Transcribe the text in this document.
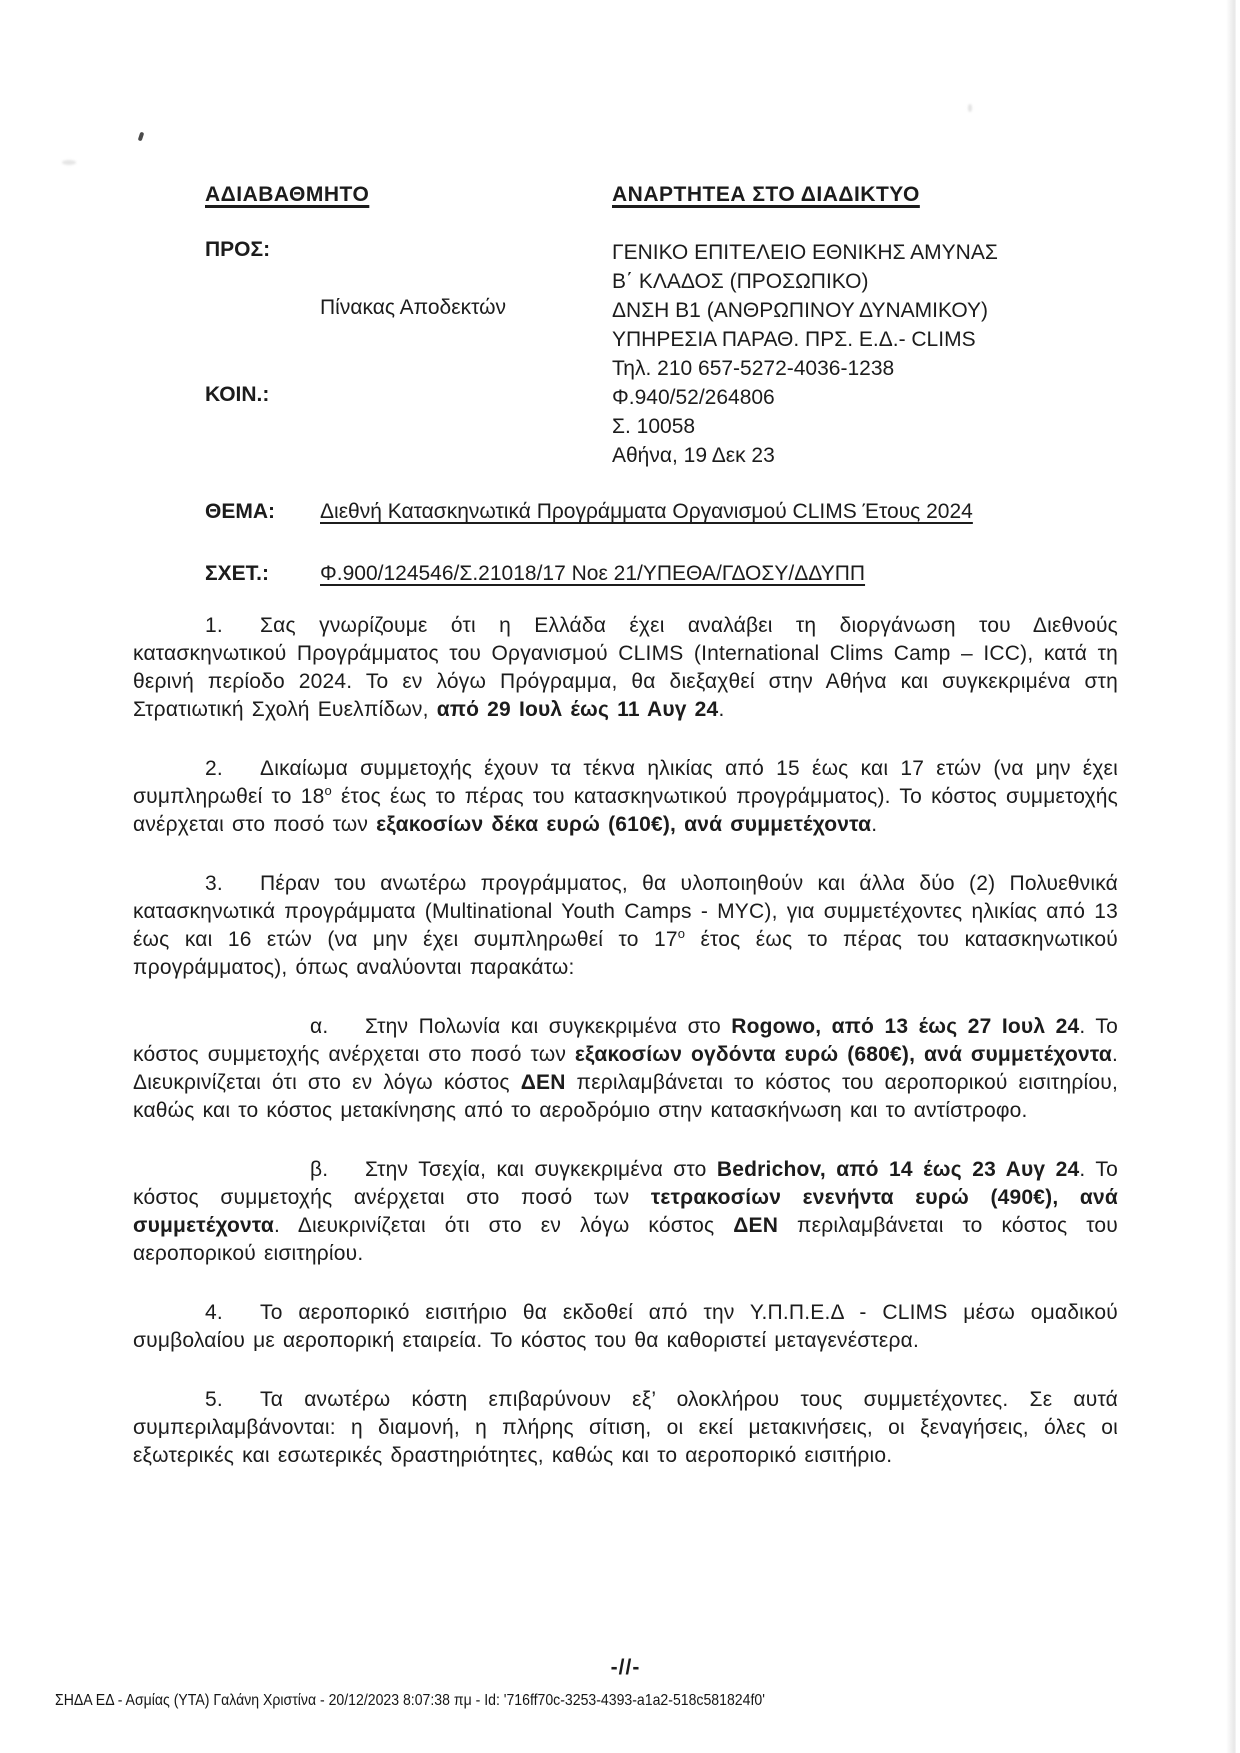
ΑΔΙΑΒΑΘΜΗΤΟ	ΑΝΑΡΤΗΤΕΑ ΣΤΟ ΔΙΑΔΙΚΤΥΟ
ΠΡΟΣ:
Πίνακας Αποδεκτών
ΚΟΙΝ.:
ΓΕΝΙΚΟ ΕΠΙΤΕΛΕΙΟ ΕΘΝΙΚΗΣ ΑΜΥΝΑΣ
Β΄ ΚΛΑΔΟΣ (ΠΡΟΣΩΠΙΚΟ)
ΔΝΣΗ Β1 (ΑΝΘΡΩΠΙΝΟΥ ΔΥΝΑΜΙΚΟΥ)
ΥΠΗΡΕΣΙΑ ΠΑΡΑΘ. ΠΡΣ. Ε.Δ.- CLIMS
Τηλ. 210 657-5272-4036-1238
Φ.940/52/264806
Σ. 10058
Αθήνα, 19 Δεκ 23
ΘΕΜΑ: Διεθνή Κατασκηνωτικά Προγράμματα Οργανισμού CLIMS Έτους 2024
ΣΧΕΤ.: Φ.900/124546/Σ.21018/17 Νοε 21/ΥΠΕΘΑ/ΓΔΟΣΥ/ΔΔΥΠΠ

1. Σας γνωρίζουμε ότι η Ελλάδα έχει αναλάβει τη διοργάνωση του Διεθνούς κατασκηνωτικού Προγράμματος του Οργανισμού CLIMS (International Clims Camp – ICC), κατά τη θερινή περίοδο 2024. Το εν λόγω Πρόγραμμα, θα διεξαχθεί στην Αθήνα και συγκεκριμένα στη Στρατιωτική Σχολή Ευελπίδων, από 29 Ιουλ έως 11 Αυγ 24.

2. Δικαίωμα συμμετοχής έχουν τα τέκνα ηλικίας από 15 έως και 17 ετών (να μην έχει συμπληρωθεί το $18^o$ έτος έως το πέρας του κατασκηνωτικού προγράμματος). Το κόστος συμμετοχής ανέρχεται στο ποσό των εξακοσίων δέκα ευρώ (610€), ανά συμμετέχοντα.

3. Πέραν του ανωτέρω προγράμματος, θα υλοποιηθούν και άλλα δύο (2) Πολυεθνικά κατασκηνωτικά προγράμματα (Multinational Youth Camps - MYC), για συμμετέχοντες ηλικίας από 13 έως και 16 ετών (να μην έχει συμπληρωθεί το $17^o$ έτος έως το πέρας του κατασκηνωτικού προγράμματος), όπως αναλύονται παρακάτω:

α. Στην Πολωνία και συγκεκριμένα στο Rogowo, από 13 έως 27 Ιουλ 24. Το κόστος συμμετοχής ανέρχεται στο ποσό των εξακοσίων ογδόντα ευρώ (680€), ανά συμμετέχοντα. Διευκρινίζεται ότι στο εν λόγω κόστος ΔΕΝ περιλαμβάνεται το κόστος του αεροπορικού εισιτηρίου, καθώς και το κόστος μετακίνησης από το αεροδρόμιο στην κατασκήνωση και το αντίστροφο.

β. Στην Τσεχία, και συγκεκριμένα στο Bedrichov, από 14 έως 23 Αυγ 24. Το κόστος συμμετοχής ανέρχεται στο ποσό των τετρακοσίων ενενήντα ευρώ (490€), ανά συμμετέχοντα. Διευκρινίζεται ότι στο εν λόγω κόστος ΔΕΝ περιλαμβάνεται το κόστος του αεροπορικού εισιτηρίου.

4. Το αεροπορικό εισιτήριο θα εκδοθεί από την Υ.Π.Π.Ε.Δ - CLIMS μέσω ομαδικού συμβολαίου με αεροπορική εταιρεία. Το κόστος του θα καθοριστεί μεταγενέστερα.

5. Τα ανωτέρω κόστη επιβαρύνουν εξ’ ολοκλήρου τους συμμετέχοντες. Σε αυτά συμπεριλαμβάνονται: η διαμονή, η πλήρης σίτιση, οι εκεί μετακινήσεις, οι ξεναγήσεις, όλες οι εξωτερικές και εσωτερικές δραστηριότητες, καθώς και το αεροπορικό εισιτήριο.

-//-
ΣΗΔΑ ΕΔ - Ασμίας (ΥΤΑ) Γαλάνη Χριστίνα - 20/12/2023 8:07:38 πμ - Id: '716ff70c-3253-4393-a1a2-518c581824f0'
